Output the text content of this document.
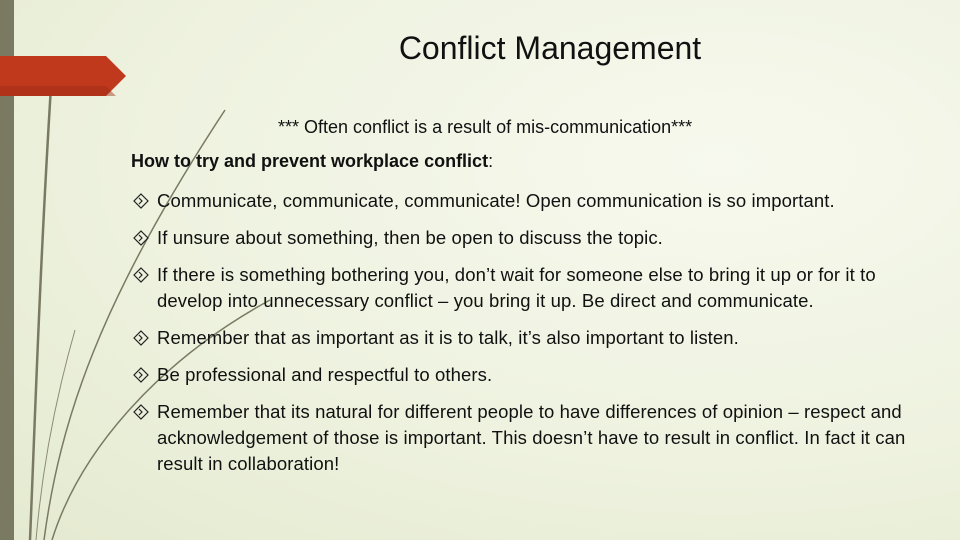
Conflict Management

*** Often conflict is a result of mis-communication***

How to try and prevent workplace conflict:

Communicate, communicate, communicate! Open communication is so important.
If unsure about something, then be open to discuss the topic.
If there is something bothering you, don’t wait for someone else to bring it up or for it to develop into unnecessary conflict – you bring it up. Be direct and communicate.
Remember that as important as it is to talk, it’s also important to listen.
Be professional and respectful to others.
Remember that its natural for different people to have differences of opinion – respect and acknowledgement of those is important. This doesn’t have to result in conflict. In fact it can result in collaboration!
